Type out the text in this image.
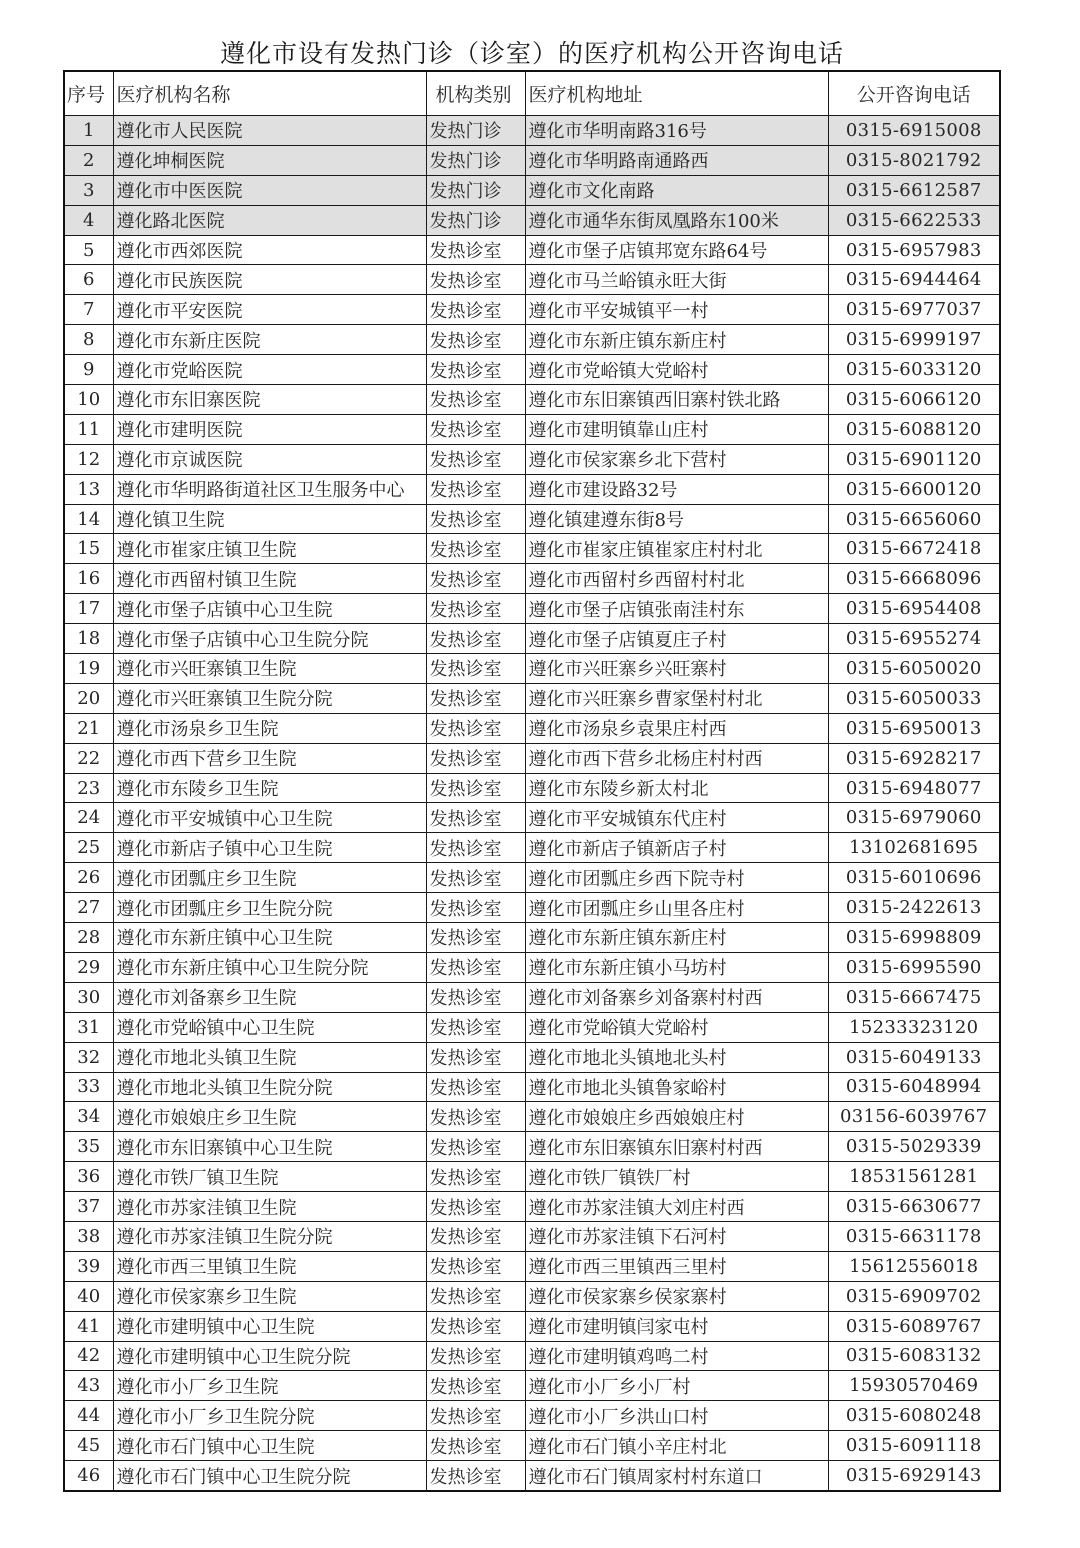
遵化市设有发热门诊（诊室）的医疗机构公开咨询电话
序号	医疗机构名称	机构类别	医疗机构地址	公开咨询电话
1	遵化市人民医院	发热门诊	遵化市华明南路316号	0315-6915008
2	遵化坤桐医院	发热门诊	遵化市华明路南通路西	0315-8021792
3	遵化市中医医院	发热门诊	遵化市文化南路	0315-6612587
4	遵化路北医院	发热门诊	遵化市通华东街凤凰路东100米	0315-6622533
5	遵化市西郊医院	发热诊室	遵化市堡子店镇邦宽东路64号	0315-6957983
6	遵化市民族医院	发热诊室	遵化市马兰峪镇永旺大街	0315-6944464
7	遵化市平安医院	发热诊室	遵化市平安城镇平一村	0315-6977037
8	遵化市东新庄医院	发热诊室	遵化市东新庄镇东新庄村	0315-6999197
9	遵化市党峪医院	发热诊室	遵化市党峪镇大党峪村	0315-6033120
10	遵化市东旧寨医院	发热诊室	遵化市东旧寨镇西旧寨村铁北路	0315-6066120
11	遵化市建明医院	发热诊室	遵化市建明镇靠山庄村	0315-6088120
12	遵化市京诚医院	发热诊室	遵化市侯家寨乡北下营村	0315-6901120
13	遵化市华明路街道社区卫生服务中心	发热诊室	遵化市建设路32号	0315-6600120
14	遵化镇卫生院	发热诊室	遵化镇建遵东街8号	0315-6656060
15	遵化市崔家庄镇卫生院	发热诊室	遵化市崔家庄镇崔家庄村村北	0315-6672418
16	遵化市西留村镇卫生院	发热诊室	遵化市西留村乡西留村村北	0315-6668096
17	遵化市堡子店镇中心卫生院	发热诊室	遵化市堡子店镇张南洼村东	0315-6954408
18	遵化市堡子店镇中心卫生院分院	发热诊室	遵化市堡子店镇夏庄子村	0315-6955274
19	遵化市兴旺寨镇卫生院	发热诊室	遵化市兴旺寨乡兴旺寨村	0315-6050020
20	遵化市兴旺寨镇卫生院分院	发热诊室	遵化市兴旺寨乡曹家堡村村北	0315-6050033
21	遵化市汤泉乡卫生院	发热诊室	遵化市汤泉乡袁果庄村西	0315-6950013
22	遵化市西下营乡卫生院	发热诊室	遵化市西下营乡北杨庄村村西	0315-6928217
23	遵化市东陵乡卫生院	发热诊室	遵化市东陵乡新太村北	0315-6948077
24	遵化市平安城镇中心卫生院	发热诊室	遵化市平安城镇东代庄村	0315-6979060
25	遵化市新店子镇中心卫生院	发热诊室	遵化市新店子镇新店子村	13102681695
26	遵化市团瓢庄乡卫生院	发热诊室	遵化市团瓢庄乡西下院寺村	0315-6010696
27	遵化市团瓢庄乡卫生院分院	发热诊室	遵化市团瓢庄乡山里各庄村	0315-2422613
28	遵化市东新庄镇中心卫生院	发热诊室	遵化市东新庄镇东新庄村	0315-6998809
29	遵化市东新庄镇中心卫生院分院	发热诊室	遵化市东新庄镇小马坊村	0315-6995590
30	遵化市刘备寨乡卫生院	发热诊室	遵化市刘备寨乡刘备寨村村西	0315-6667475
31	遵化市党峪镇中心卫生院	发热诊室	遵化市党峪镇大党峪村	15233323120
32	遵化市地北头镇卫生院	发热诊室	遵化市地北头镇地北头村	0315-6049133
33	遵化市地北头镇卫生院分院	发热诊室	遵化市地北头镇鲁家峪村	0315-6048994
34	遵化市娘娘庄乡卫生院	发热诊室	遵化市娘娘庄乡西娘娘庄村	03156-6039767
35	遵化市东旧寨镇中心卫生院	发热诊室	遵化市东旧寨镇东旧寨村村西	0315-5029339
36	遵化市铁厂镇卫生院	发热诊室	遵化市铁厂镇铁厂村	18531561281
37	遵化市苏家洼镇卫生院	发热诊室	遵化市苏家洼镇大刘庄村西	0315-6630677
38	遵化市苏家洼镇卫生院分院	发热诊室	遵化市苏家洼镇下石河村	0315-6631178
39	遵化市西三里镇卫生院	发热诊室	遵化市西三里镇西三里村	15612556018
40	遵化市侯家寨乡卫生院	发热诊室	遵化市侯家寨乡侯家寨村	0315-6909702
41	遵化市建明镇中心卫生院	发热诊室	遵化市建明镇闫家屯村	0315-6089767
42	遵化市建明镇中心卫生院分院	发热诊室	遵化市建明镇鸡鸣二村	0315-6083132
43	遵化市小厂乡卫生院	发热诊室	遵化市小厂乡小厂村	15930570469
44	遵化市小厂乡卫生院分院	发热诊室	遵化市小厂乡洪山口村	0315-6080248
45	遵化市石门镇中心卫生院	发热诊室	遵化市石门镇小辛庄村北	0315-6091118
46	遵化市石门镇中心卫生院分院	发热诊室	遵化市石门镇周家村村东道口	0315-6929143
